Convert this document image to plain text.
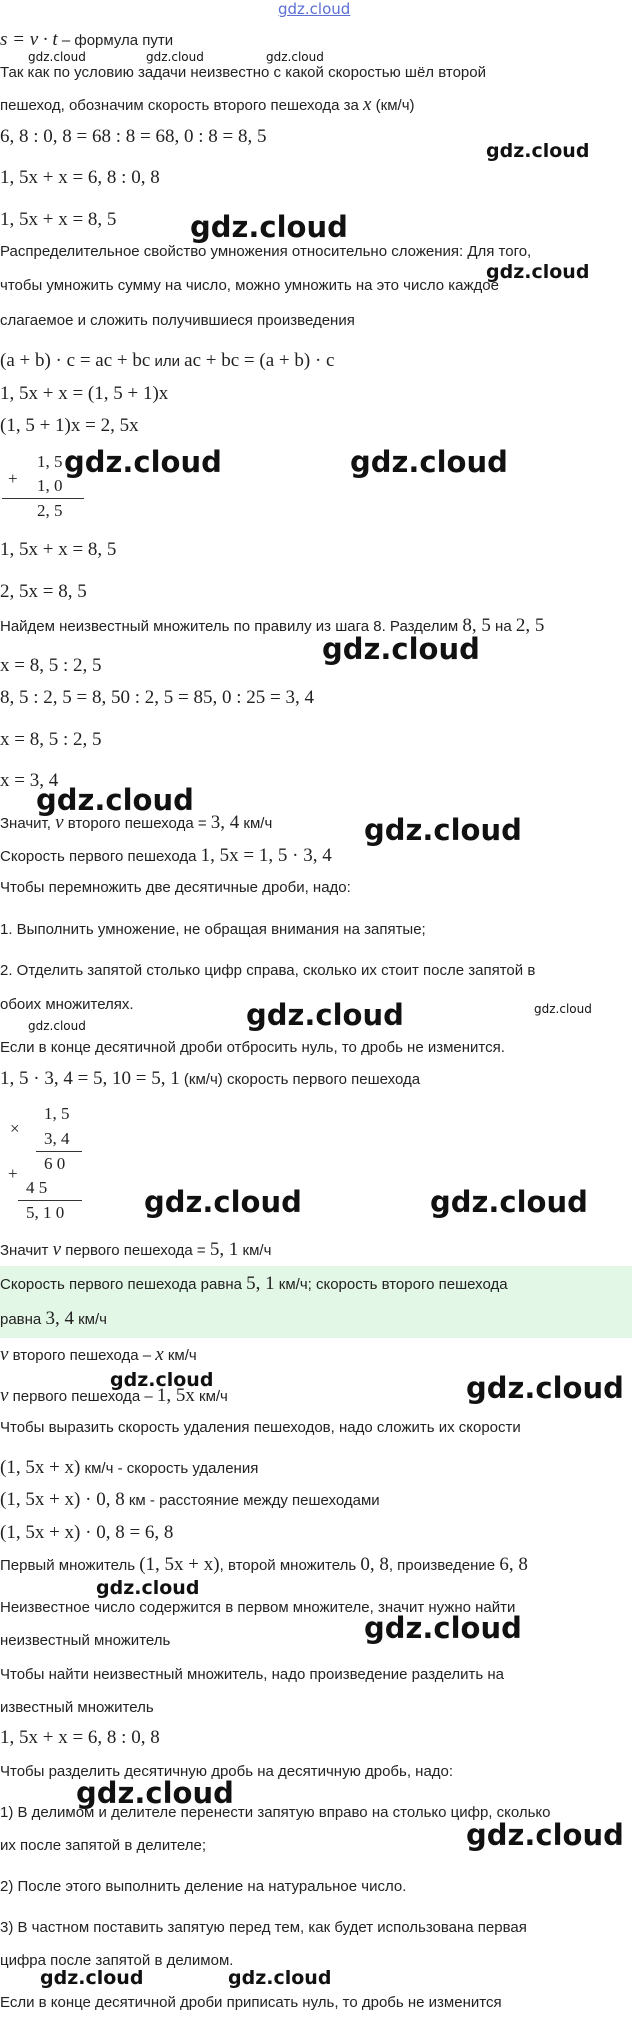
gdz.cloud
s = v · t – формула пути
Так как по условию задачи неизвестно с какой скоростью шёл второй
пешеход, обозначим скорость второго пешехода за x (км/ч)
6, 8 : 0, 8 = 68 : 8 = 68, 0 : 8 = 8, 5
1, 5x + x = 6, 8 : 0, 8
1, 5x + x = 8, 5
Распределительное свойство умножения относительно сложения: Для того,
чтобы умножить сумму на число, можно умножить на это число каждое
слагаемое и сложить получившиеся произведения
(a + b) · c = ac + bc или ac + bc = (a + b) · c
1, 5x + x = (1, 5 + 1)x
(1, 5 + 1)x = 2, 5x
+
1, 5
1, 0
2, 5
1, 5x + x = 8, 5
2, 5x = 8, 5
Найдем неизвестный множитель по правилу из шага 8. Разделим 8, 5 на 2, 5
x = 8, 5 : 2, 5
8, 5 : 2, 5 = 8, 50 : 2, 5 = 85, 0 : 25 = 3, 4
x = 8, 5 : 2, 5
x = 3, 4
Значит, v второго пешехода = 3, 4 км/ч
Скорость первого пешехода 1, 5x = 1, 5 · 3, 4
Чтобы перемножить две десятичные дроби, надо:
1. Выполнить умножение, не обращая внимания на запятые;
2. Отделить запятой столько цифр справа, сколько их стоит после запятой в
обоих множителях.
Если в конце десятичной дроби отбросить нуль, то дробь не изменится.
1, 5 · 3, 4 = 5, 10 = 5, 1 (км/ч) скорость первого пешехода
×
1, 5
3, 4
6 0
+
4 5
5, 1 0
Значит v первого пешехода = 5, 1 км/ч
Скорость первого пешехода равна 5, 1 км/ч; скорость второго пешехода
равна 3, 4 км/ч
v второго пешехода – x км/ч
v первого пешехода – 1, 5x км/ч
Чтобы выразить скорость удаления пешеходов, надо сложить их скорости
(1, 5x + x) км/ч - скорость удаления
(1, 5x + x) · 0, 8 км - расстояние между пешеходами
(1, 5x + x) · 0, 8 = 6, 8
Первый множитель (1, 5x + x), второй множитель 0, 8, произведение 6, 8
Неизвестное число содержится в первом множителе, значит нужно найти
неизвестный множитель
Чтобы найти неизвестный множитель, надо произведение разделить на
известный множитель
1, 5x + x = 6, 8 : 0, 8
Чтобы разделить десятичную дробь на десятичную дробь, надо:
1) В делимом и делителе перенести запятую вправо на столько цифр, сколько
их после запятой в делителе;
2) После этого выполнить деление на натуральное число.
3) В частном поставить запятую перед тем, как будет использована первая
цифра после запятой в делимом.
Если в конце десятичной дроби приписать нуль, то дробь не изменится
gdz.cloud	gdz.cloud	gdz.cloud
gdz.cloud
gdz.cloud
gdz.cloud
gdz.cloud	gdz.cloud
gdz.cloud
gdz.cloud
gdz.cloud
gdz.cloud	gdz.cloud
gdz.cloud
gdz.cloud	gdz.cloud
gdz.cloud	gdz.cloud
gdz.cloud
gdz.cloud
gdz.cloud
gdz.cloud
gdz.cloud	gdz.cloud
